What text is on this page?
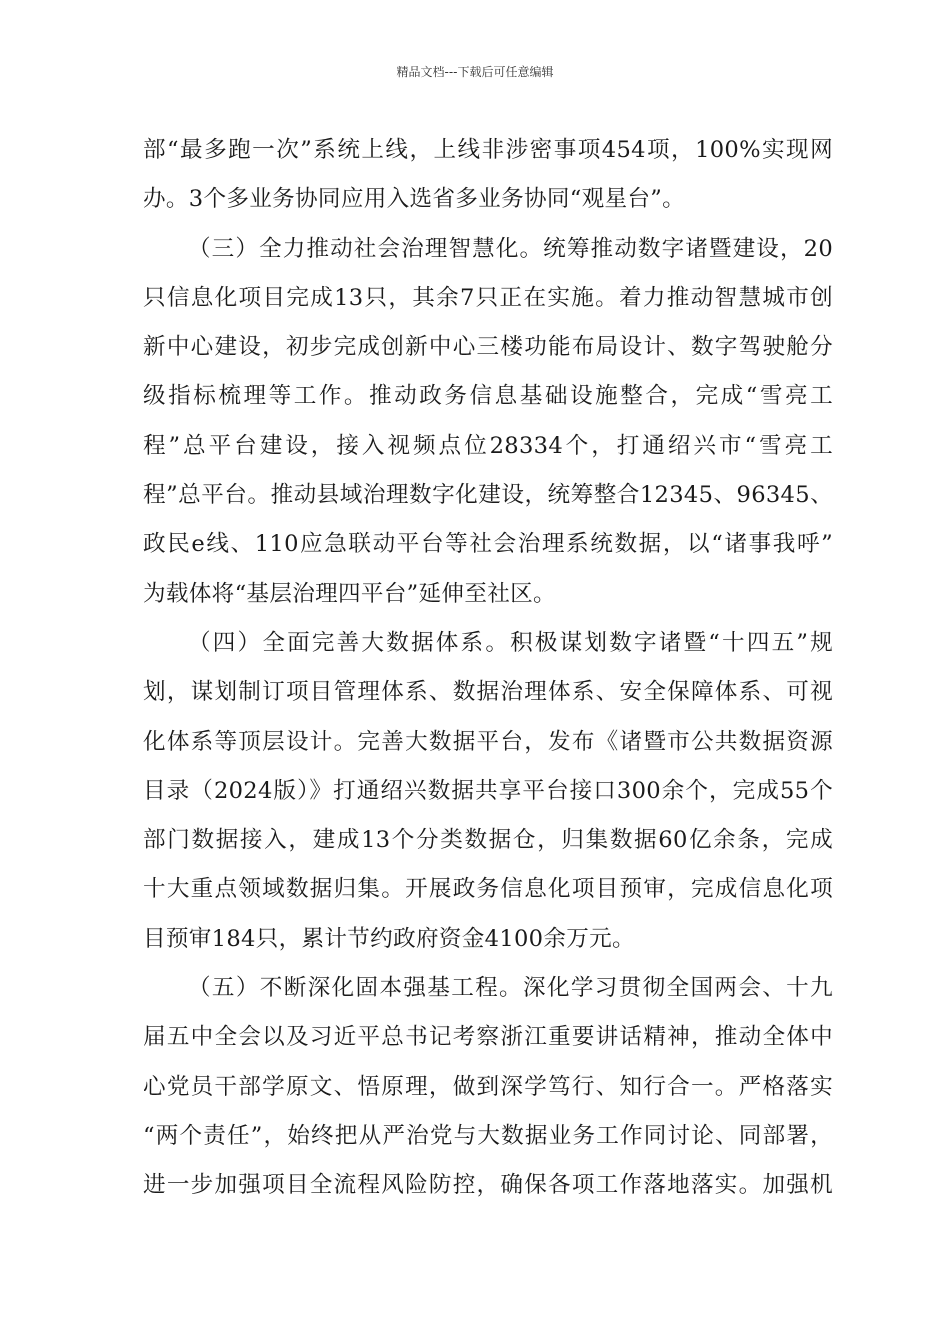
精品文档---下载后可任意编辑
部“最多跑一次”系统上线，上线非涉密事项454项，100%实现网
办。3个多业务协同应用入选省多业务协同“观星台”。
（三）全力推动社会治理智慧化。统筹推动数字诸暨建设，20
只信息化项目完成13只，其余7只正在实施。着力推动智慧城市创
新中心建设，初步完成创新中心三楼功能布局设计、数字驾驶舱分
级指标梳理等工作。推动政务信息基础设施整合，完成“雪亮工
程”总平台建设，接入视频点位28334个，打通绍兴市“雪亮工
程”总平台。推动县域治理数字化建设，统筹整合12345、96345、
政民e线、110应急联动平台等社会治理系统数据，以“诸事我呼”
为载体将“基层治理四平台”延伸至社区。
（四）全面完善大数据体系。积极谋划数字诸暨“十四五”规
划，谋划制订项目管理体系、数据治理体系、安全保障体系、可视
化体系等顶层设计。完善大数据平台，发布《诸暨市公共数据资源
目录（2024版）》打通绍兴数据共享平台接口300余个，完成55个
部门数据接入，建成13个分类数据仓，归集数据60亿余条，完成
十大重点领域数据归集。开展政务信息化项目预审，完成信息化项
目预审184只，累计节约政府资金4100余万元。
（五）不断深化固本强基工程。深化学习贯彻全国两会、十九
届五中全会以及习近平总书记考察浙江重要讲话精神，推动全体中
心党员干部学原文、悟原理，做到深学笃行、知行合一。严格落实
“两个责任”，始终把从严治党与大数据业务工作同讨论、同部署，
进一步加强项目全流程风险防控，确保各项工作落地落实。加强机
